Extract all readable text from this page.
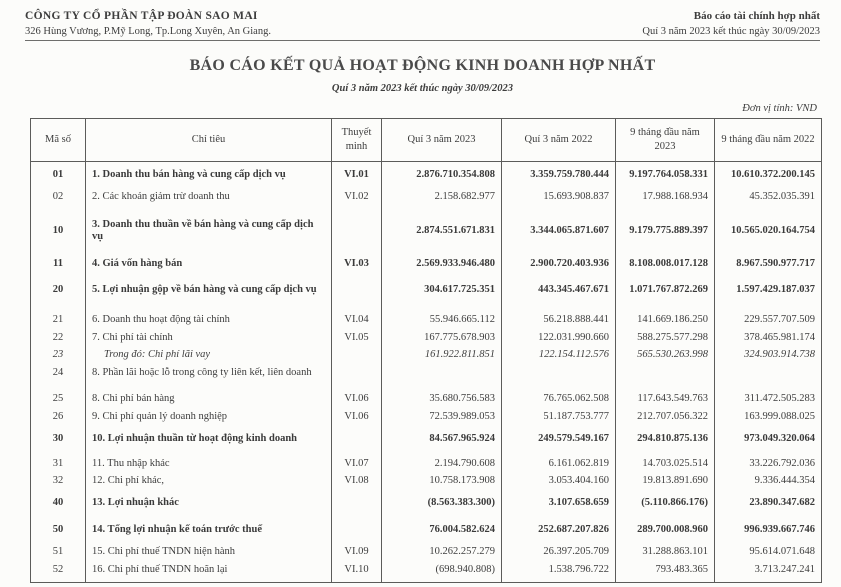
CÔNG TY CỔ PHẦN TẬP ĐOÀN SAO MAI
326 Hùng Vương, P.Mỹ Long, Tp.Long Xuyên, An Giang.
Báo cáo tài chính hợp nhất
Quí 3 năm 2023 kết thúc ngày 30/09/2023
BÁO CÁO KẾT QUẢ HOẠT ĐỘNG KINH DOANH HỢP NHẤT
Quí 3 năm 2023 kết thúc ngày 30/09/2023
Đơn vị tính: VND
Mã số	Chỉ tiêu	Thuyết minh	Quí 3 năm 2023	Quí 3 năm 2022	9 tháng đầu năm 2023	9 tháng đầu năm 2022
01	1. Doanh thu bán hàng và cung cấp dịch vụ	VI.01	2.876.710.354.808	3.359.759.780.444	9.197.764.058.331	10.610.372.200.145
02	2. Các khoản giảm trừ doanh thu	VI.02	2.158.682.977	15.693.908.837	17.988.168.934	45.352.035.391
10	3. Doanh thu thuần về bán hàng và cung cấp dịch vụ		2.874.551.671.831	3.344.065.871.607	9.179.775.889.397	10.565.020.164.754
11	4. Giá vốn hàng bán	VI.03	2.569.933.946.480	2.900.720.403.936	8.108.008.017.128	8.967.590.977.717
20	5. Lợi nhuận gộp về bán hàng và cung cấp dịch vụ		304.617.725.351	443.345.467.671	1.071.767.872.269	1.597.429.187.037
21	6. Doanh thu hoạt động tài chính	VI.04	55.946.665.112	56.218.888.441	141.669.186.250	229.557.707.509
22	7. Chi phí tài chính	VI.05	167.775.678.903	122.031.990.660	588.275.577.298	378.465.981.174
23	Trong đó: Chi phí lãi vay		161.922.811.851	122.154.112.576	565.530.263.998	324.903.914.738
24	8. Phần lãi hoặc lỗ trong công ty liên kết, liên doanh					
25	8. Chi phí bán hàng	VI.06	35.680.756.583	76.765.062.508	117.643.549.763	311.472.505.283
26	9. Chi phí quản lý doanh nghiệp	VI.06	72.539.989.053	51.187.753.777	212.707.056.322	163.999.088.025
30	10. Lợi nhuận thuần từ hoạt động kinh doanh		84.567.965.924	249.579.549.167	294.810.875.136	973.049.320.064
31	11. Thu nhập khác	VI.07	2.194.790.608	6.161.062.819	14.703.025.514	33.226.792.036
32	12. Chi phí khác,	VI.08	10.758.173.908	3.053.404.160	19.813.891.690	9.336.444.354
40	13. Lợi nhuận khác		(8.563.383.300)	3.107.658.659	(5.110.866.176)	23.890.347.682
50	14. Tổng lợi nhuận kế toán trước thuế		76.004.582.624	252.687.207.826	289.700.008.960	996.939.667.746
51	15. Chi phí thuế TNDN hiện hành	VI.09	10.262.257.279	26.397.205.709	31.288.863.101	95.614.071.648
52	16. Chi phí thuế TNDN hoãn lại	VI.10	(698.940.808)	1.538.796.722	793.483.365	3.713.247.241
